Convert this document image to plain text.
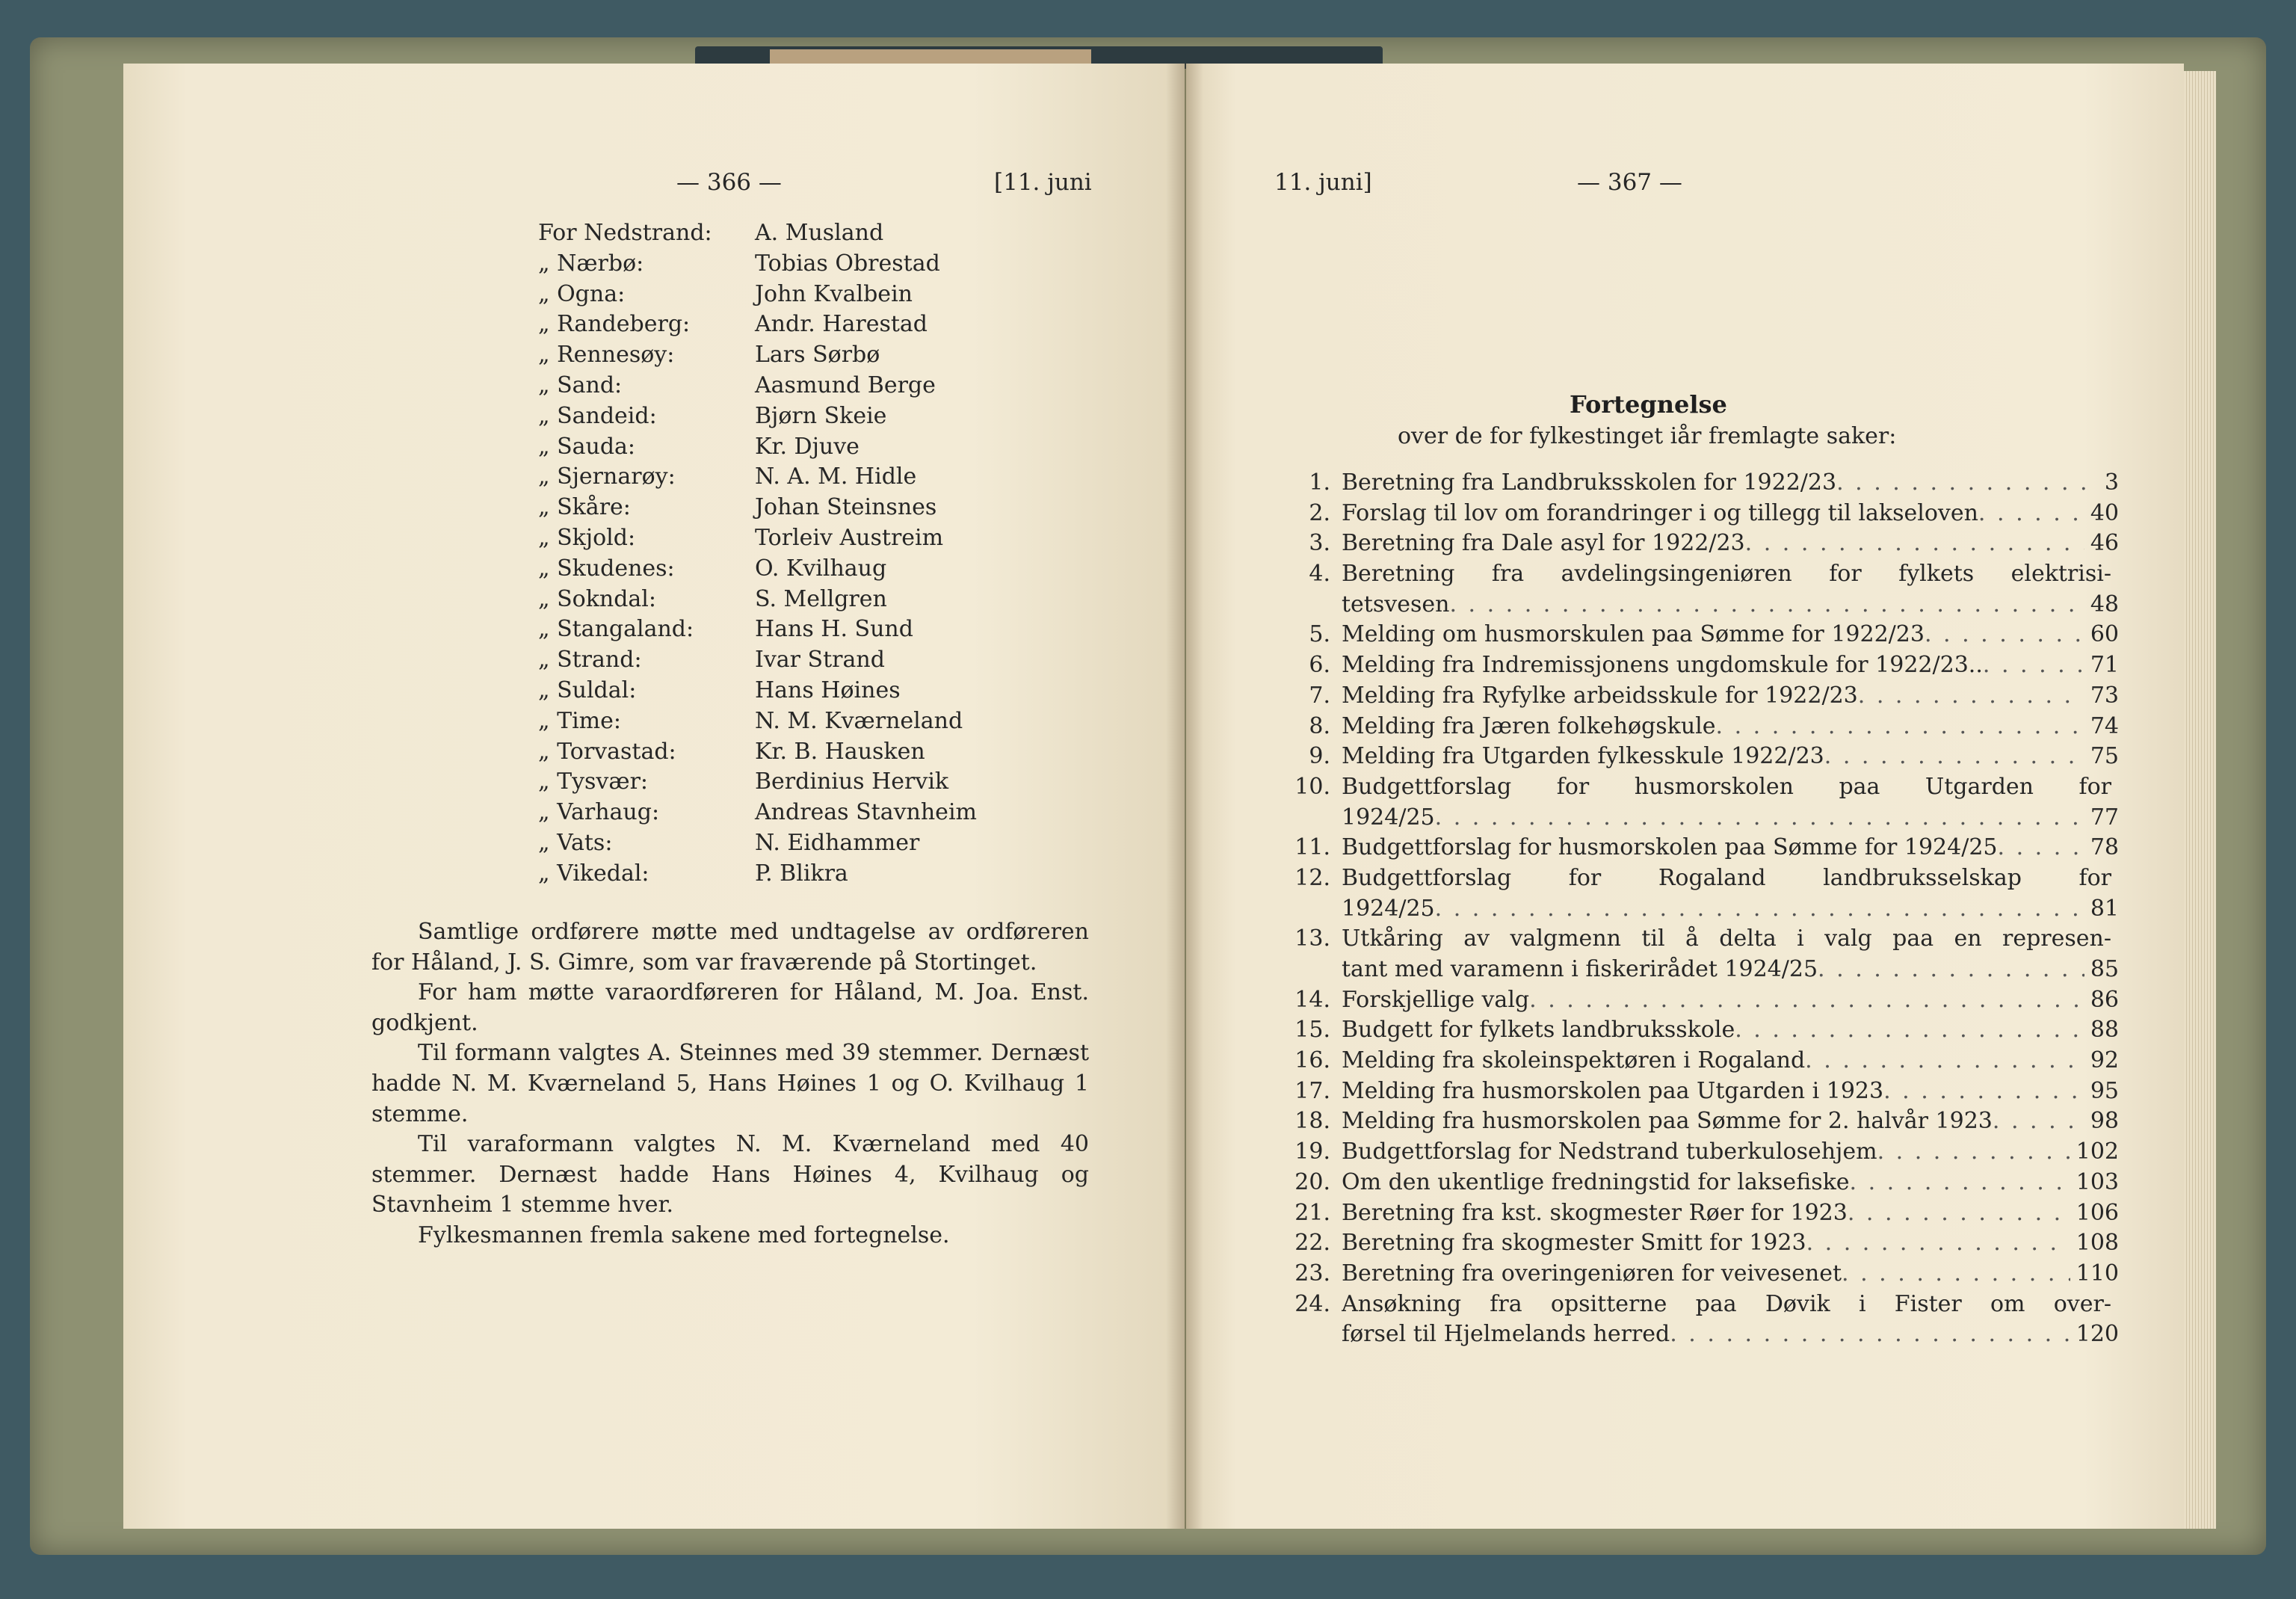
— 366 —	[11. juni
For Nedstrand: A. Musland
„ Nærbø:	Tobias Obrestad
„ Ogna:	John Kvalbein
„ Randeberg:	Andr. Harestad
„ Rennesøy:	Lars Sørbø
„ Sand:	Aasmund Berge
„ Sandeid:	Bjørn Skeie
„ Sauda:	Kr. Djuve
„ Sjernarøy:	N. A. M. Hidle
„ Skåre:	Johan Steinsnes
„ Skjold:	Torleiv Austreim
„ Skudenes:	O. Kvilhaug
„ Sokndal:	S. Mellgren
„ Stangaland:	Hans H. Sund
„ Strand:	Ivar Strand
„ Suldal:	Hans Høines
„ Time:	N. M. Kværneland
„ Torvastad:	Kr. B. Hausken
„ Tysvær:	Berdinius Hervik
„ Varhaug:	Andreas Stavnheim
„ Vats:	N. Eidhammer
„ Vikedal:	P. Blikra

Samtlige ordførere møtte med undtagelse av ordføreren for Håland, J. S. Gimre, som var fraværende på Stortinget.

For ham møtte varaordføreren for Håland, M. Joa. Enst. godkjent.

Til formann valgtes A. Steinnes med 39 stemmer. Dernæst hadde N. M. Kværneland 5, Hans Høines 1 og O. Kvilhaug 1 stemme.

Til varaformann valgtes N. M. Kværneland med 40 stemmer. Dernæst hadde Hans Høines 4, Kvilhaug og Stavnheim 1 stemme hver.

Fylkesmannen fremla sakene med fortegnelse.

11. juni]	— 367 —
Fortegnelse
over de for fylkestinget iår fremlagte saker:
1. Beretning fra Landbruksskolen for 1922/23 . . .	3
2. Forslag til lov om forandringer i og tillegg til lakseloven . . .	40
3. Beretning fra Dale asyl for 1922/23 . . .	46
4. Beretning fra avdelingsingeniøren for fylkets elektrisi-
tetsvesen . . .	48
5. Melding om husmorskulen paa Sømme for 1922/23 . . .	60
6. Melding fra Indremissjonens ungdomskule for 1922/23.. . . .	71
7. Melding fra Ryfylke arbeidsskule for 1922/23 . . .	73
8. Melding fra Jæren folkehøgskule . . .	74
9. Melding fra Utgarden fylkesskule 1922/23 . . .	75
10. Budgettforslag for husmorskolen paa Utgarden for
1924/25 . . .	77
11. Budgettforslag for husmorskolen paa Sømme for 1924/25 . . .	78
12. Budgettforslag for Rogaland landbruksselskap for
1924/25 . . .	81
13. Utkåring av valgmenn til å delta i valg paa en represen-
tant med varamenn i fiskerirådet 1924/25 . . .	85
14. Forskjellige valg . . .	86
15. Budgett for fylkets landbruksskole . . .	88
16. Melding fra skoleinspektøren i Rogaland . . .	92
17. Melding fra husmorskolen paa Utgarden i 1923 . . .	95
18. Melding fra husmorskolen paa Sømme for 2. halvår 1923 . . .	98
19. Budgettforslag for Nedstrand tuberkulosehjem . . .	102
20. Om den ukentlige fredningstid for laksefiske . . .	103
21. Beretning fra kst. skogmester Røer for 1923 . . .	106
22. Beretning fra skogmester Smitt for 1923 . . .	108
23. Beretning fra overingeniøren for veivesenet . . .	110
24. Ansøkning fra opsitterne paa Døvik i Fister om over-
førsel til Hjelmelands herred . . .	120
